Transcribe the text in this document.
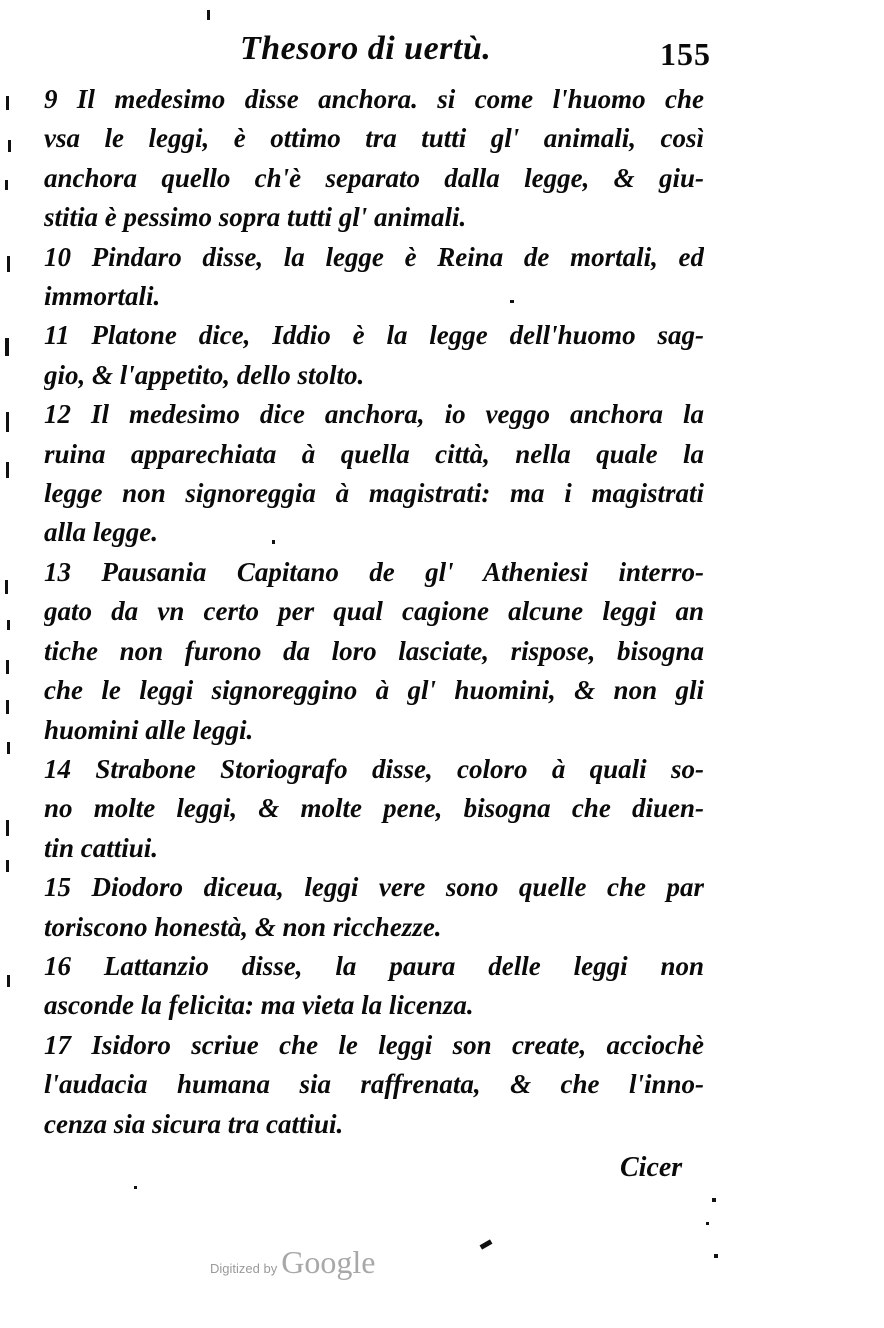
Thesoro di uertù.	155
9 Il medesimo disse anchora. si come l'huomo che
vsa le leggi, è ottimo tra tutti gl' animali, così
anchora quello ch'è separato dalla legge, & giu-
stitia è pessimo sopra tutti gl' animali.
10 Pindaro disse, la legge è Reina de mortali, ed
immortali.
11 Platone dice, Iddio è la legge dell'huomo sag-
gio, & l'appetito, dello stolto.
12 Il medesimo dice anchora, io veggo anchora la
ruina apparechiata à quella città, nella quale la
legge non signoreggia à magistrati: ma i magistrati
alla legge.
13 Pausania Capitano de gl' Atheniesi interro-
gato da vn certo per qual cagione alcune leggi an
tiche non furono da loro lasciate, rispose, bisogna
che le leggi signoreggino à gl' huomini, & non gli
huomini alle leggi.
14 Strabone Storiografo disse, coloro à quali so-
no molte leggi, & molte pene, bisogna che diuen-
tin cattiui.
15 Diodoro diceua, leggi vere sono quelle che par
toriscono honestà, & non ricchezze.
16 Lattanzio disse, la paura delle leggi non
asconde la felicita: ma vieta la licenza.
17 Isidoro scriue che le leggi son create, acciochè
l'audacia humana sia raffrenata, & che l'inno-
cenza sia sicura tra cattiui.
Cicer
Digitized by Google
